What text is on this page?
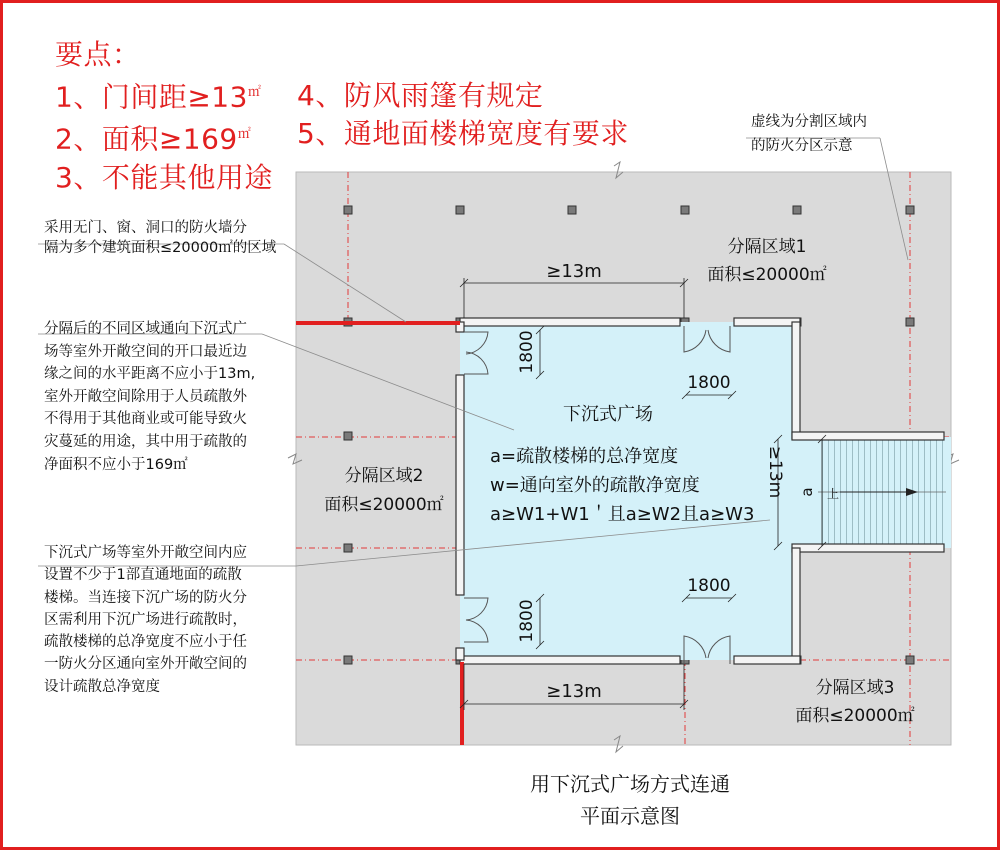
要点：
1、门间距≥13㎡
2、面积≥169㎡
3、不能其他用途
4、防风雨篷有规定
5、通地面楼梯宽度有要求
分隔区域1
面积≤20000㎡
分隔区域2
面积≤20000㎡
分隔区域3
面积≤20000㎡
下沉式广场
a=疏散楼梯的总净宽度
w=通向室外的疏散净宽度
a≥W1+W1＇且a≥W2且a≥W3
≥13m
≥13m
1800
1800
1800
1800
≥13m a 上
采用无门、窗、洞口的防火墙分
隔为多个建筑面积≤20000㎡的区域
分隔后的不同区域通向下沉式广
场等室外开敞空间的开口最近边
缘之间的水平距离不应小于13m,
室外开敞空间除用于人员疏散外
不得用于其他商业或可能导致火
灾蔓延的用途，其中用于疏散的
净面积不应小于169㎡
下沉式广场等室外开敞空间内应
设置不少于1部直通地面的疏散
楼梯。当连接下沉广场的防火分
区需利用下沉广场进行疏散时，
疏散楼梯的总净宽度不应小于任
一防火分区通向室外开敞空间的
设计疏散总净宽度
虚线为分割区域内
的防火分区示意
用下沉式广场方式连通
平面示意图
